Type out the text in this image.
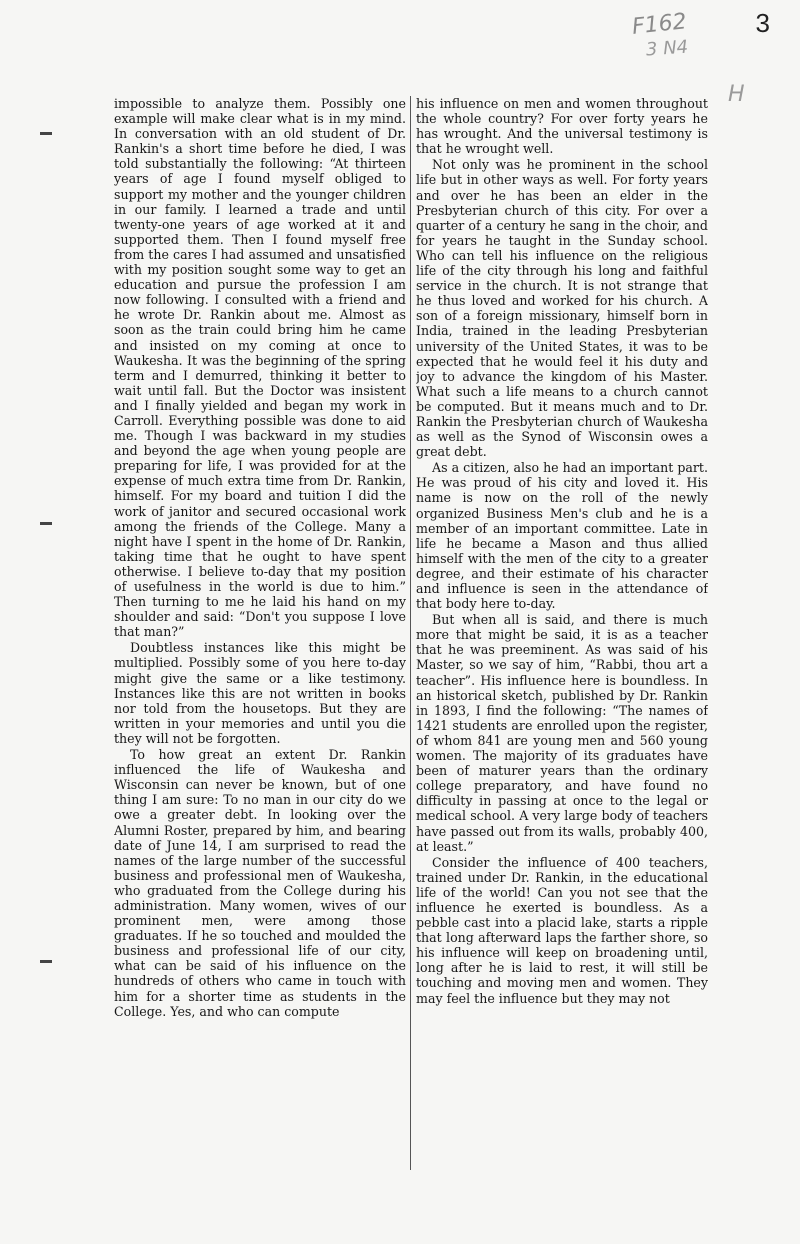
3
F162
3 N4
H

impossible to analyze them. Possibly one example will make clear what is in my mind. In conversation with an old student of Dr. Rankin's a short time before he died, I was told substantially the following: “At thirteen years of age I found myself obliged to support my mother and the younger children in our family. I learned a trade and until twenty-one years of age worked at it and supported them. Then I found myself free from the cares I had assumed and unsatisfied with my position sought some way to get an education and pursue the profession I am now following. I consulted with a friend and he wrote Dr. Rankin about me. Almost as soon as the train could bring him he came and insisted on my coming at once to Waukesha. It was the beginning of the spring term and I demurred, thinking it better to wait until fall. But the Doctor was insistent and I finally yielded and began my work in Carroll. Everything possible was done to aid me. Though I was backward in my studies and beyond the age when young people are preparing for life, I was provided for at the expense of much extra time from Dr. Rankin, himself. For my board and tuition I did the work of janitor and secured occasional work among the friends of the College. Many a night have I spent in the home of Dr. Rankin, taking time that he ought to have spent otherwise. I believe to-day that my position of usefulness in the world is due to him.” Then turning to me he laid his hand on my shoulder and said: “Don't you suppose I love that man?”

Doubtless instances like this might be multiplied. Possibly some of you here to-day might give the same or a like testimony. Instances like this are not written in books nor told from the housetops. But they are written in your memories and until you die they will not be forgotten.

To how great an extent Dr. Rankin influenced the life of Waukesha and Wisconsin can never be known, but of one thing I am sure: To no man in our city do we owe a greater debt. In looking over the Alumni Roster, prepared by him, and bearing date of June 14, I am surprised to read the names of the large number of the successful business and professional men of Waukesha, who graduated from the College during his administration. Many women, wives of our prominent men, were among those graduates. If he so touched and moulded the business and professional life of our city, what can be said of his influence on the hundreds of others who came in touch with him for a shorter time as students in the College. Yes, and who can compute

his influence on men and women throughout the whole country? For over forty years he has wrought. And the universal testimony is that he wrought well.

Not only was he prominent in the school life but in other ways as well. For forty years and over he has been an elder in the Presbyterian church of this city. For over a quarter of a century he sang in the choir, and for years he taught in the Sunday school. Who can tell his influence on the religious life of the city through his long and faithful service in the church. It is not strange that he thus loved and worked for his church. A son of a foreign missionary, himself born in India, trained in the leading Presbyterian university of the United States, it was to be expected that he would feel it his duty and joy to advance the kingdom of his Master. What such a life means to a church cannot be computed. But it means much and to Dr. Rankin the Presbyterian church of Waukesha as well as the Synod of Wisconsin owes a great debt.

As a citizen, also he had an important part. He was proud of his city and loved it. His name is now on the roll of the newly organized Business Men's club and he is a member of an important committee. Late in life he became a Mason and thus allied himself with the men of the city to a greater degree, and their estimate of his character and influence is seen in the attendance of that body here to-day.

But when all is said, and there is much more that might be said, it is as a teacher that he was preeminent. As was said of his Master, so we say of him, “Rabbi, thou art a teacher”. His influence here is boundless. In an historical sketch, published by Dr. Rankin in 1893, I find the following: “The names of 1421 students are enrolled upon the register, of whom 841 are young men and 560 young women. The majority of its graduates have been of maturer years than the ordinary college preparatory, and have found no difficulty in passing at once to the legal or medical school. A very large body of teachers have passed out from its walls, probably 400, at least.”

Consider the influence of 400 teachers, trained under Dr. Rankin, in the educational life of the world! Can you not see that the influence he exerted is boundless. As a pebble cast into a placid lake, starts a ripple that long afterward laps the farther shore, so his influence will keep on broadening until, long after he is laid to rest, it will still be touching and moving men and women. They may feel the influence but they may not
